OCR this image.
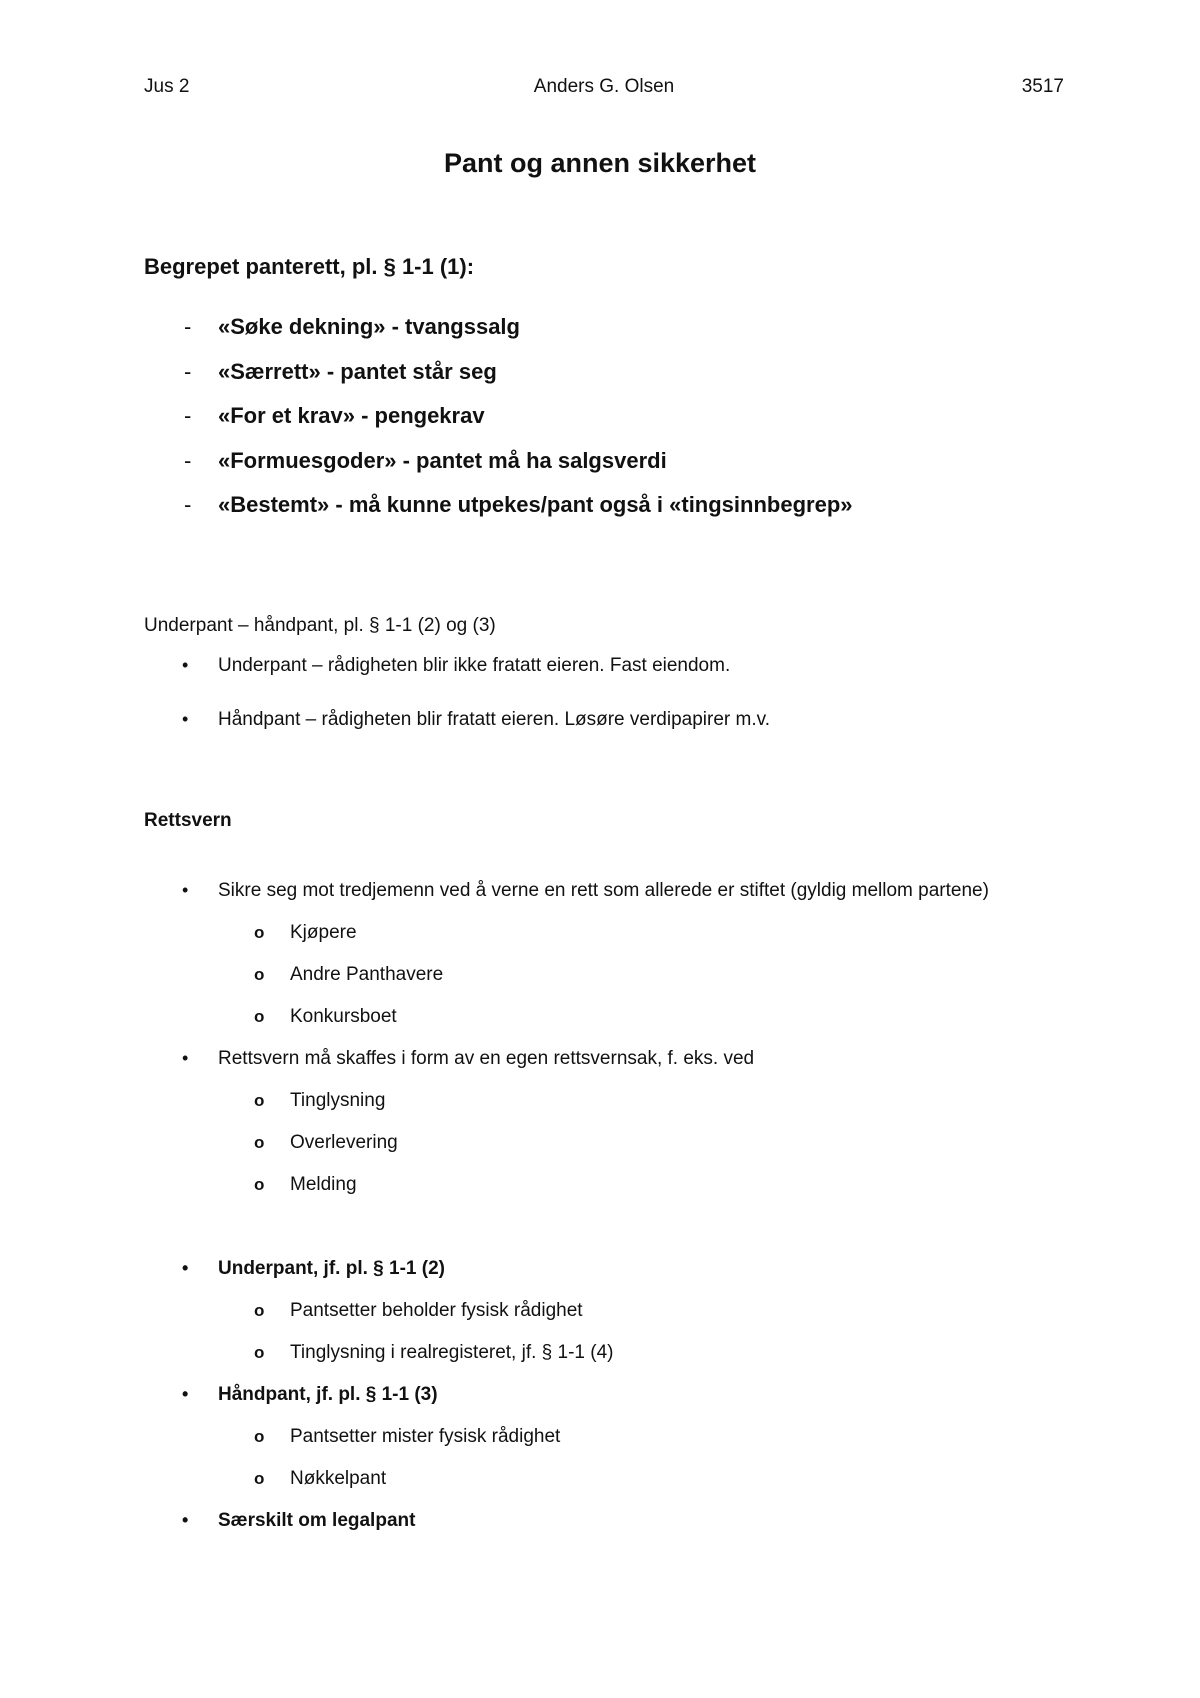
Jus 2	Anders G. Olsen	3517
Pant og annen sikkerhet
Begrepet panterett, pl. § 1-1 (1):
- «Søke dekning» - tvangssalg
- «Særrett» - pantet står seg
- «For et krav» - pengekrav
- «Formuesgoder» - pantet må ha salgsverdi
- «Bestemt» - må kunne utpekes/pant også i «tingsinnbegrep»
Underpant – håndpant, pl. § 1-1 (2) og (3)
• Underpant – rådigheten blir ikke fratatt eieren. Fast eiendom.
• Håndpant – rådigheten blir fratatt eieren. Løsøre verdipapirer m.v.
Rettsvern
• Sikre seg mot tredjemenn ved å verne en rett som allerede er stiftet (gyldig mellom partene)
o Kjøpere
o Andre Panthavere
o Konkursboet
• Rettsvern må skaffes i form av en egen rettsvernsak, f. eks. ved
o Tinglysning
o Overlevering
o Melding
• Underpant, jf. pl. § 1-1 (2)
o Pantsetter beholder fysisk rådighet
o Tinglysning i realregisteret, jf. § 1-1 (4)
• Håndpant, jf. pl. § 1-1 (3)
o Pantsetter mister fysisk rådighet
o Nøkkelpant
• Særskilt om legalpant
